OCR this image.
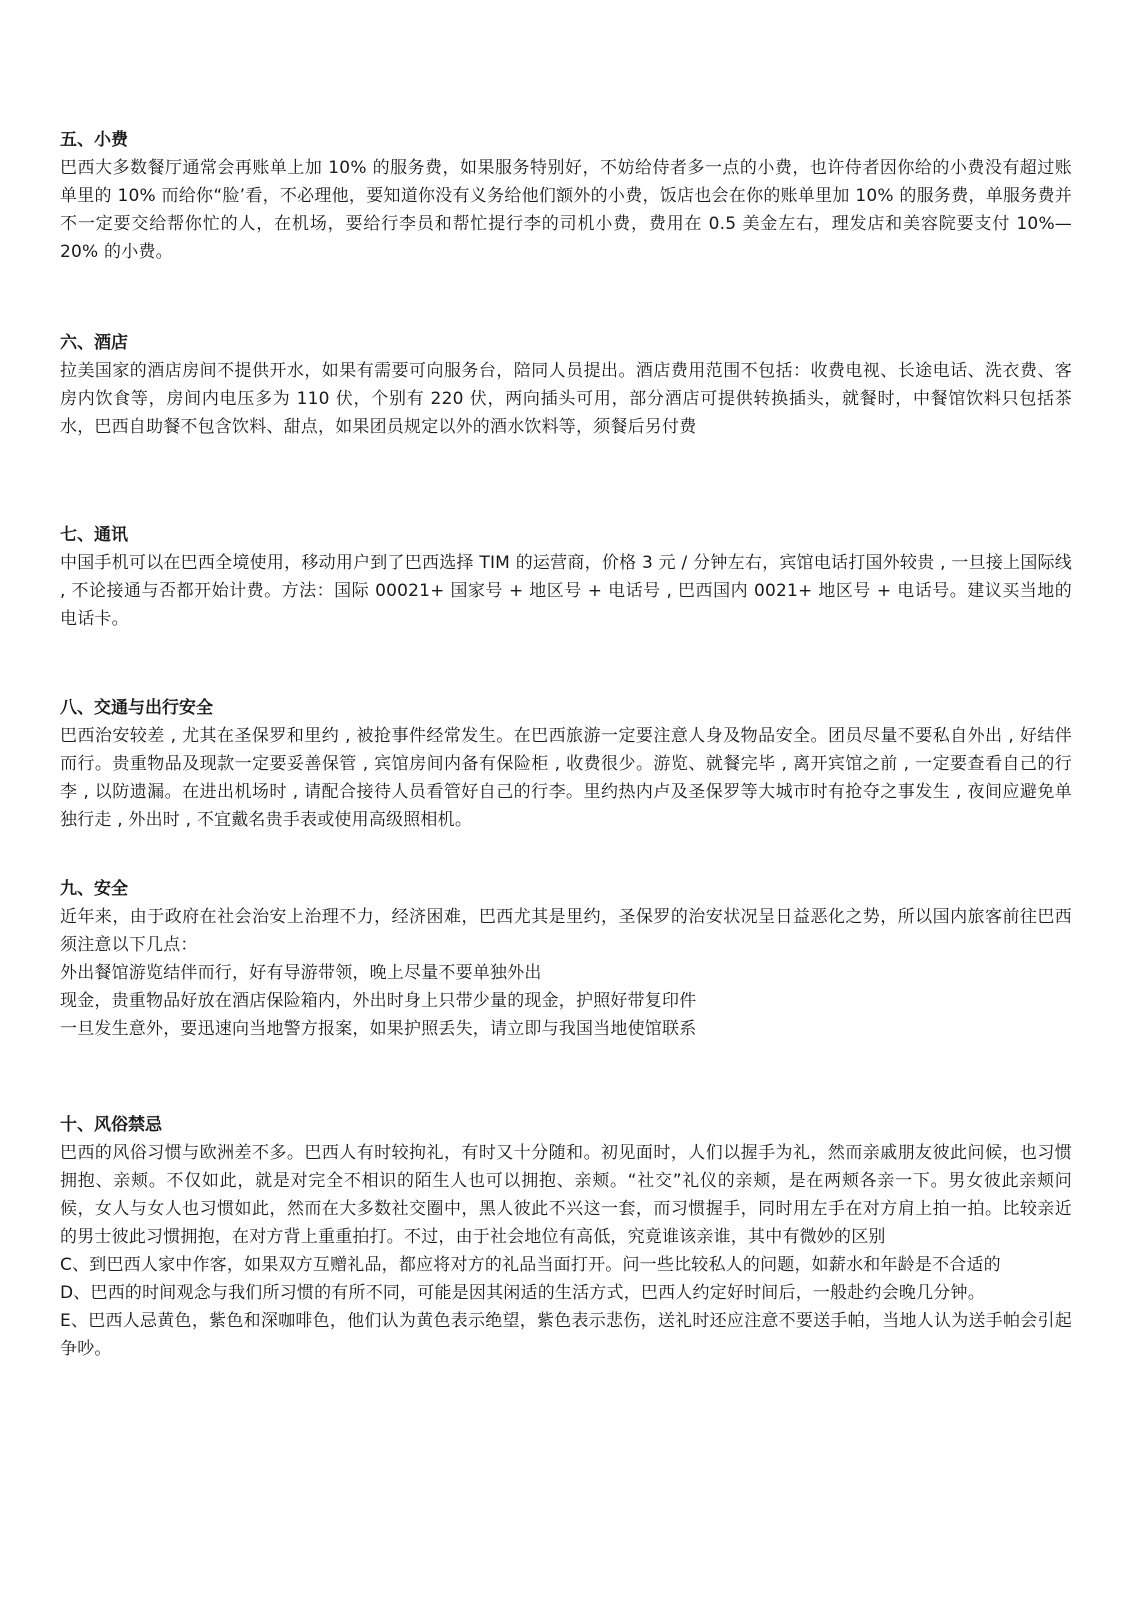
五、小费

巴西大多数餐厅通常会再账单上加 10% 的服务费，如果服务特别好，不妨给侍者多一点的小费，也许侍者因你给的小费没有超过账单里的 10% 而给你“脸’看，不必理他，要知道你没有义务给他们额外的小费，饭店也会在你的账单里加 10% 的服务费，单服务费并不一定要交给帮你忙的人，在机场，要给行李员和帮忙提行李的司机小费，费用在 0.5 美金左右，理发店和美容院要支付 10%—20% 的小费。

六、酒店

拉美国家的酒店房间不提供开水，如果有需要可向服务台，陪同人员提出。酒店费用范围不包括：收费电视、长途电话、洗衣费、客房内饮食等，房间内电压多为 110 伏，个别有 220 伏，两向插头可用，部分酒店可提供转换插头，就餐时，中餐馆饮料只包括茶水，巴西自助餐不包含饮料、甜点，如果团员规定以外的酒水饮料等，须餐后另付费

七、通讯

中国手机可以在巴西全境使用，移动用户到了巴西选择 TIM 的运营商，价格 3 元 / 分钟左右，宾馆电话打国外较贵 , 一旦接上国际线 , 不论接通与否都开始计费。方法：国际 00021+ 国家号 + 地区号 + 电话号 , 巴西国内 0021+ 地区号 + 电话号。建议买当地的电话卡。

八、交通与出行安全

巴西治安较差 , 尤其在圣保罗和里约 , 被抢事件经常发生。在巴西旅游一定要注意人身及物品安全。团员尽量不要私自外出 , 好结伴而行。贵重物品及现款一定要妥善保管 , 宾馆房间内备有保险柜 , 收费很少。游览、就餐完毕 , 离开宾馆之前 , 一定要查看自己的行李 , 以防遗漏。在进出机场时 , 请配合接待人员看管好自己的行李。里约热内卢及圣保罗等大城市时有抢夺之事发生 , 夜间应避免单独行走 , 外出时 , 不宜戴名贵手表或使用高级照相机。

九、安全

近年来，由于政府在社会治安上治理不力，经济困难，巴西尤其是里约，圣保罗的治安状况呈日益恶化之势，所以国内旅客前往巴西须注意以下几点：

外出餐馆游览结伴而行，好有导游带领，晚上尽量不要单独外出

现金，贵重物品好放在酒店保险箱内，外出时身上只带少量的现金，护照好带复印件

一旦发生意外，要迅速向当地警方报案，如果护照丢失，请立即与我国当地使馆联系

十、风俗禁忌

巴西的风俗习惯与欧洲差不多。巴西人有时较拘礼，有时又十分随和。初见面时，人们以握手为礼，然而亲戚朋友彼此问候，也习惯拥抱、亲颊。不仅如此，就是对完全不相识的陌生人也可以拥抱、亲颊。“社交”礼仪的亲颊，是在两颊各亲一下。男女彼此亲颊问候，女人与女人也习惯如此，然而在大多数社交圈中，黑人彼此不兴这一套，而习惯握手，同时用左手在对方肩上拍一拍。比较亲近的男士彼此习惯拥抱，在对方背上重重拍打。不过，由于社会地位有高低，究竟谁该亲谁，其中有微妙的区别

C、到巴西人家中作客，如果双方互赠礼品，都应将对方的礼品当面打开。问一些比较私人的问题，如薪水和年龄是不合适的

D、巴西的时间观念与我们所习惯的有所不同，可能是因其闲适的生活方式，巴西人约定好时间后，一般赴约会晚几分钟。

E、巴西人忌黄色，紫色和深咖啡色，他们认为黄色表示绝望，紫色表示悲伤，送礼时还应注意不要送手帕，当地人认为送手帕会引起争吵。
